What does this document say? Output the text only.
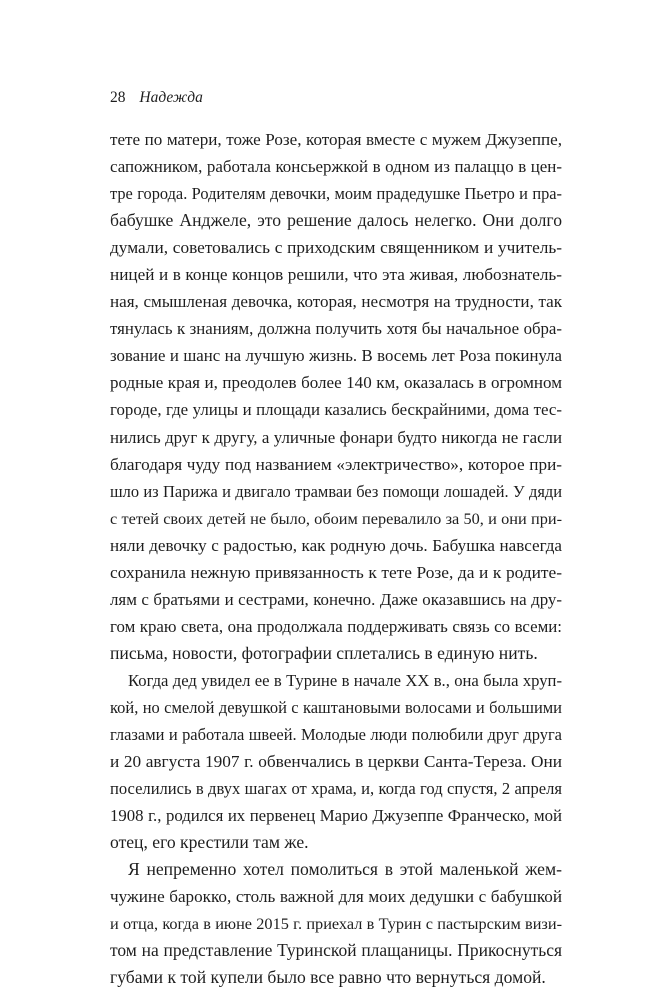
28 Надежда
тете по матери, тоже Розе, которая вместе с мужем Джузеппе,
сапожником, работала консьержкой в одном из палаццо в цен-
тре города. Родителям девочки, моим прадедушке Пьетро и пра-
бабушке Анджеле, это решение далось нелегко. Они долго
думали, советовались с приходским священником и учитель-
ницей и в конце концов решили, что эта живая, любознатель-
ная, смышленая девочка, которая, несмотря на трудности, так
тянулась к знаниям, должна получить хотя бы начальное обра-
зование и шанс на лучшую жизнь. В восемь лет Роза покинула
родные края и, преодолев более 140 км, оказалась в огромном
городе, где улицы и площади казались бескрайними, дома тес-
нились друг к другу, а уличные фонари будто никогда не гасли
благодаря чуду под названием «электричество», которое при-
шло из Парижа и двигало трамваи без помощи лошадей. У дяди
с тетей своих детей не было, обоим перевалило за 50, и они при-
няли девочку с радостью, как родную дочь. Бабушка навсегда
сохранила нежную привязанность к тете Розе, да и к родите-
лям с братьями и сестрами, конечно. Даже оказавшись на дру-
гом краю света, она продолжала поддерживать связь со всеми:
письма, новости, фотографии сплетались в единую нить.
Когда дед увидел ее в Турине в начале XX в., она была хруп-
кой, но смелой девушкой с каштановыми волосами и большими
глазами и работала швеей. Молодые люди полюбили друг друга
и 20 августа 1907 г. обвенчались в церкви Санта-Тереза. Они
поселились в двух шагах от храма, и, когда год спустя, 2 апреля
1908 г., родился их первенец Марио Джузеппе Франческо, мой
отец, его крестили там же.
Я непременно хотел помолиться в этой маленькой жем-
чужине барокко, столь важной для моих дедушки с бабушкой
и отца, когда в июне 2015 г. приехал в Турин с пастырским визи-
том на представление Туринской плащаницы. Прикоснуться
губами к той купели было все равно что вернуться домой.
